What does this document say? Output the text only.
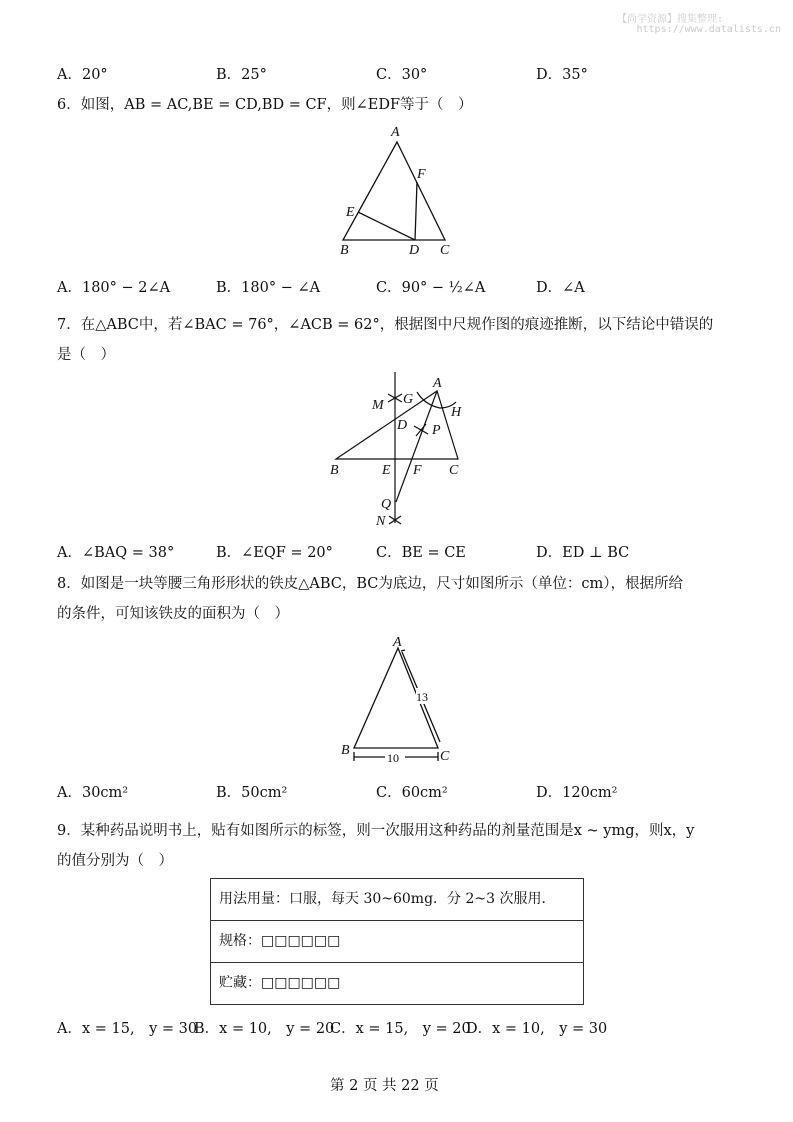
【尚学资源】搜集整理:
https://www.datalists.cn
A．20°	B．25°	C．30°	D．35°
6．如图，AB = AC,BE = CD,BD = CF，则∠EDF等于（　）
A
B	C
D
E
F
A
B	C
D
E F
G
H
M
N
P
Q
A
B	C
13
10
A．180° − 2∠A	B．180° − ∠A	C．90° − ½∠A	D．∠A
7．在△ABC中，若∠BAC = 76°，∠ACB = 62°，根据图中尺规作图的痕迹推断，以下结论中错误的
是（　）
A．∠BAQ = 38°	B．∠EQF = 20°	C．BE = CE	D．ED ⊥ BC
8．如图是一块等腰三角形形状的铁皮△ABC，BC为底边，尺寸如图所示（单位：cm），根据所给
的条件，可知该铁皮的面积为（　）
A．30cm²	B．50cm²	C．60cm²	D．120cm²
9．某种药品说明书上，贴有如图所示的标签，则一次服用这种药品的剂量范围是x ~ ymg，则x，y
的值分别为（　）
用法用量：口服，每天 30~60mg．分 2~3 次服用．
规格：□□□□□□
贮藏：□□□□□□
A．x = 15,　y = 30
B．x = 10,　y = 20
C．x = 15,　y = 20
D．x = 10,　y = 30
第 2 页 共 22 页
